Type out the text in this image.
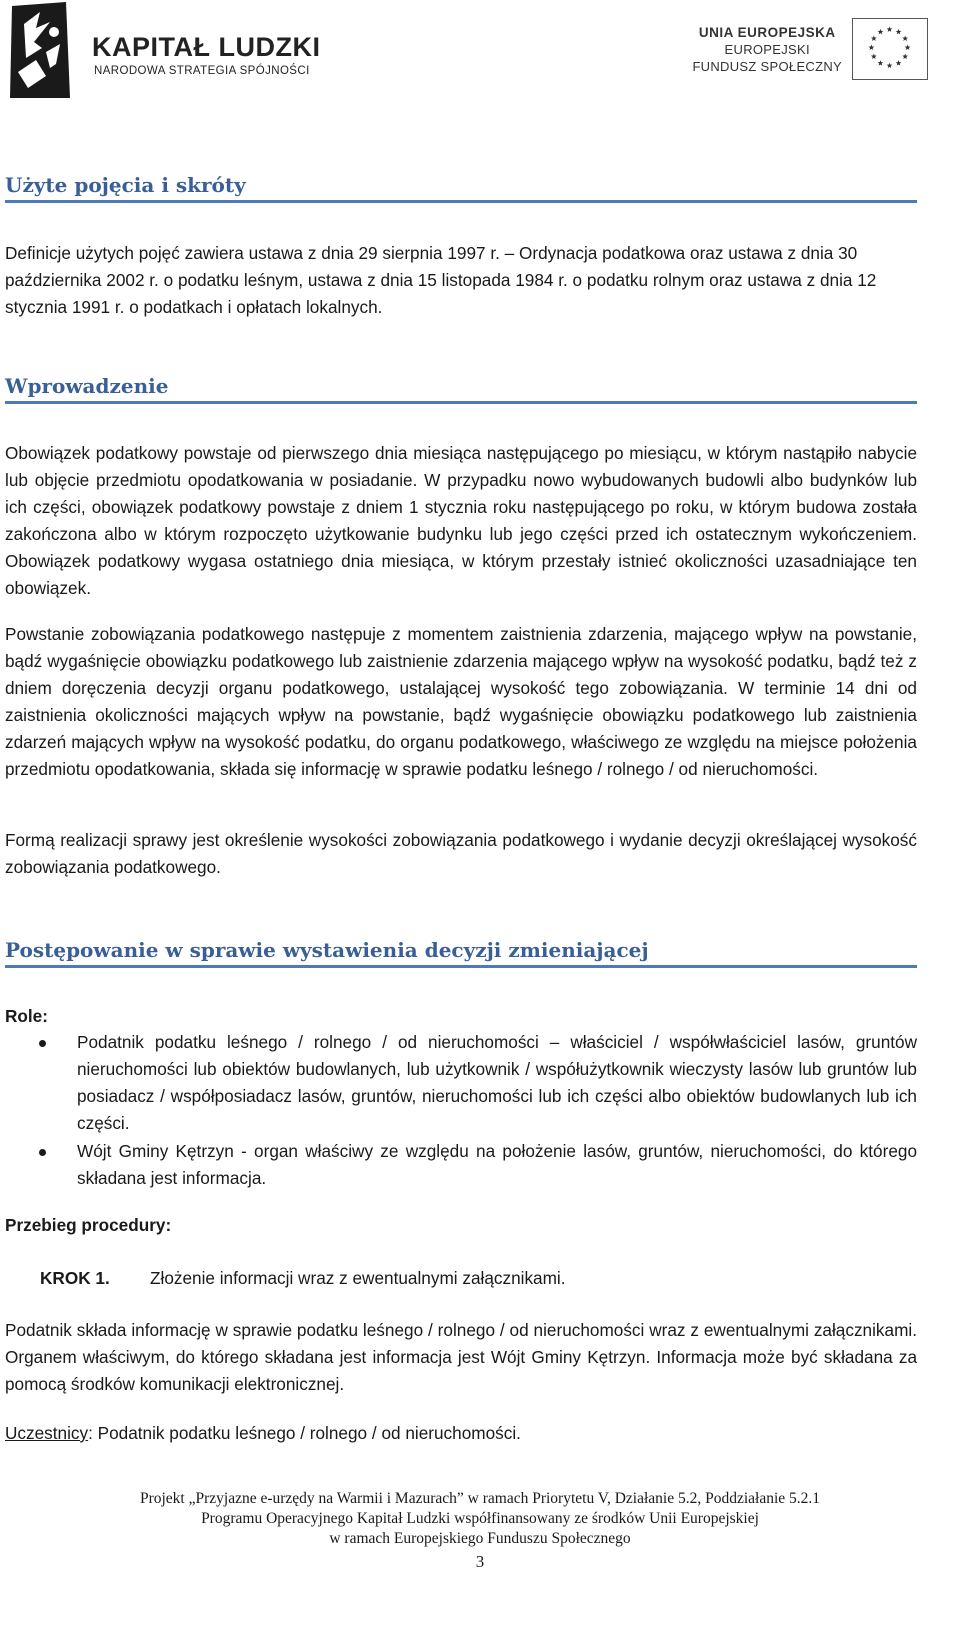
KAPITAŁ LUDZKI
NARODOWA STRATEGIA SPÓJNOŚCI
UNIA EUROPEJSKA
EUROPEJSKI
FUNDUSZ SPOŁECZNY
Użyte pojęcia i skróty

Definicje użytych pojęć zawiera ustawa z dnia 29 sierpnia 1997 r. – Ordynacja podatkowa oraz ustawa z dnia 30 października 2002 r. o podatku leśnym, ustawa z dnia 15 listopada 1984 r. o podatku rolnym oraz ustawa z dnia 12 stycznia 1991 r. o podatkach i opłatach lokalnych.

Wprowadzenie

Obowiązek podatkowy powstaje od pierwszego dnia miesiąca następującego po miesiącu, w którym nastąpiło nabycie lub objęcie przedmiotu opodatkowania w posiadanie. W przypadku nowo wybudowanych budowli albo budynków lub ich części, obowiązek podatkowy powstaje z dniem 1 stycznia roku następującego po roku, w którym budowa została zakończona albo w którym rozpoczęto użytkowanie budynku lub jego części przed ich ostatecznym wykończeniem. Obowiązek podatkowy wygasa ostatniego dnia miesiąca, w którym przestały istnieć okoliczności uzasadniające ten obowiązek.

Powstanie zobowiązania podatkowego następuje z momentem zaistnienia zdarzenia, mającego wpływ na powstanie, bądź wygaśnięcie obowiązku podatkowego lub zaistnienie zdarzenia mającego wpływ na wysokość podatku, bądź też z dniem doręczenia decyzji organu podatkowego, ustalającej wysokość tego zobowiązania. W terminie 14 dni od zaistnienia okoliczności mających wpływ na powstanie, bądź wygaśnięcie obowiązku podatkowego lub zaistnienia zdarzeń mających wpływ na wysokość podatku, do organu podatkowego, właściwego ze względu na miejsce położenia przedmiotu opodatkowania, składa się informację w sprawie podatku leśnego / rolnego / od nieruchomości.

Formą realizacji sprawy jest określenie wysokości zobowiązania podatkowego i wydanie decyzji określającej wysokość zobowiązania podatkowego.

Postępowanie w sprawie wystawienia decyzji zmieniającej
Role:
Podatnik podatku leśnego / rolnego / od nieruchomości – właściciel / współwłaściciel lasów, gruntów nieruchomości lub obiektów budowlanych, lub użytkownik / współużytkownik wieczysty lasów lub gruntów lub posiadacz / współposiadacz lasów, gruntów, nieruchomości lub ich części albo obiektów budowlanych lub ich części.
Wójt Gminy Kętrzyn - organ właściwy ze względu na położenie lasów, gruntów, nieruchomości, do którego składana jest informacja.
Przebieg procedury:
KROK 1. Złożenie informacji wraz z ewentualnymi załącznikami.

Podatnik składa informację w sprawie podatku leśnego / rolnego / od nieruchomości wraz z ewentualnymi załącznikami. Organem właściwym, do którego składana jest informacja jest Wójt Gminy Kętrzyn. Informacja może być składana za pomocą środków komunikacji elektronicznej.

Uczestnicy: Podatnik podatku leśnego / rolnego / od nieruchomości.
Projekt „Przyjazne e-urzędy na Warmii i Mazurach” w ramach Priorytetu V, Działanie 5.2, Poddziałanie 5.2.1
Programu Operacyjnego Kapitał Ludzki współfinansowany ze środków Unii Europejskiej
w ramach Europejskiego Funduszu Społecznego
3
